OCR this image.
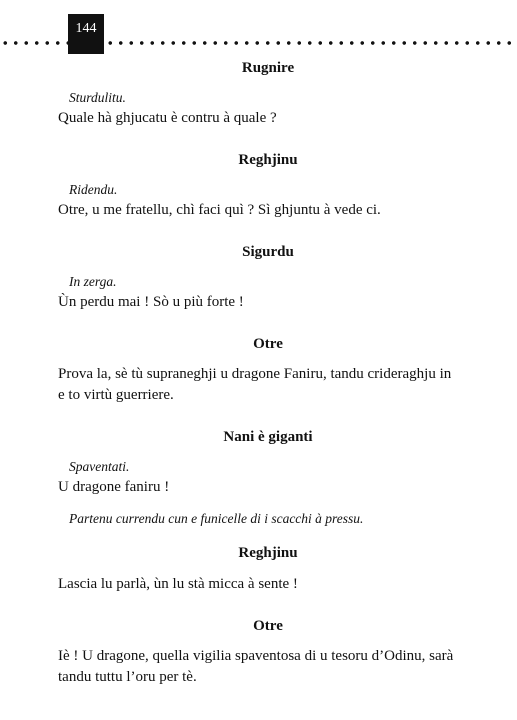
144

Rugnire

Sturdulitu.

Quale hà ghjucatu è contru à quale ?

Reghjinu

Ridendu.

Otre, u me fratellu, chì faci quì ? Sì ghjuntu à vede ci.

Sigurdu

In zerga.

Ùn perdu mai ! Sò u più forte !

Otre

Prova la, sè tù supraneghji u dragone Faniru, tandu crideraghju in

e to virtù guerriere.

Nani è giganti

Spaventati.

U dragone faniru !

Partenu currendu cun e funicelle di i scacchi à pressu.

Reghjinu

Lascia lu parlà, ùn lu stà micca à sente !

Otre

Iè ! U dragone, quella vigilia spaventosa di u tesoru d’Odinu, sarà

tandu tuttu l’oru per tè.
